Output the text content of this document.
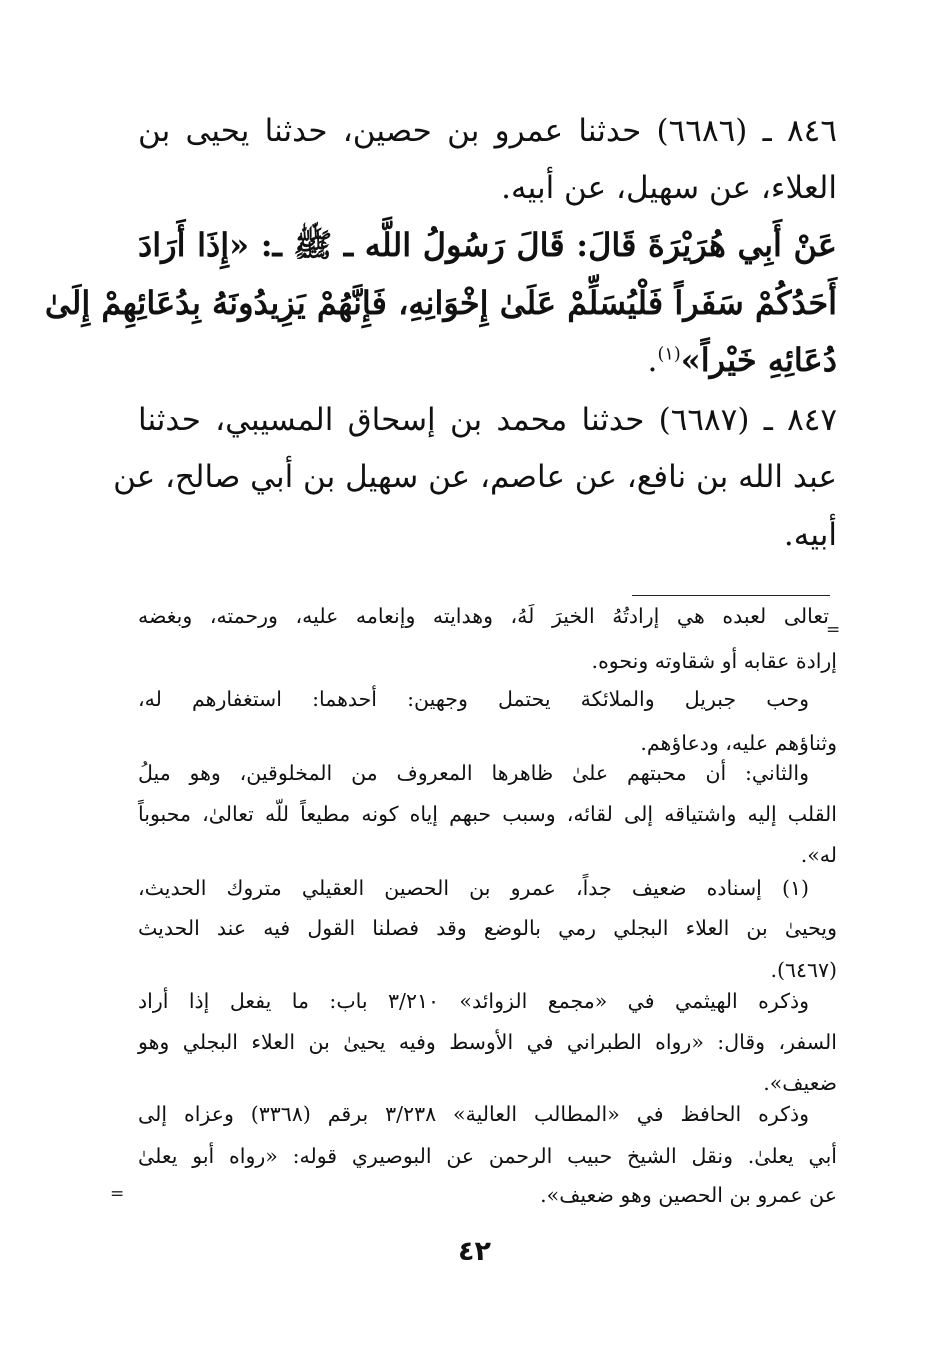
٨٤٦ ـ (٦٦٨٦) حدثنا عمرو بن حصين، حدثنا يحيى بن
العلاء، عن سهيل، عن أبيه.
عَنْ أَبِي هُرَيْرَةَ قَالَ: قَالَ رَسُولُ اللَّه ـ ﷺ ـ: «إِذَا أَرَادَ
أَحَدُكُمْ سَفَراً فَلْيُسَلِّمْ عَلَىٰ إِخْوَانِهِ، فَإِنَّهُمْ يَزِيدُونَهُ بِدُعَائِهِمْ إِلَىٰ
دُعَائِهِ خَيْراً»$^{(١)}$.
٨٤٧ ـ (٦٦٨٧) حدثنا محمد بن إسحاق المسيبي، حدثنا
عبد الله بن نافع، عن عاصم، عن سهيل بن أبي صالح، عن
أبيه.
=
=
تعالى لعبده هي إرادتُهُ الخيرَ لَهُ، وهدايته وإنعامه عليه، ورحمته، وبغضه
إرادة عقابه أو شقاوته ونحوه.
وحب جبريل والملائكة يحتمل وجهين: أحدهما: استغفارهم له،
وثناؤهم عليه، ودعاؤهم.
والثاني: أن محبتهم علىٰ ظاهرها المعروف من المخلوقين، وهو ميلُ
القلب إليه واشتياقه إلى لقائه، وسبب حبهم إياه كونه مطيعاً للّه تعالىٰ، محبوباً
له».
(١) إسناده ضعيف جداً، عمرو بن الحصين العقيلي متروك الحديث،
ويحيىٰ بن العلاء البجلي رمي بالوضع وقد فصلنا القول فيه عند الحديث
(٦٤٦٧).
وذكره الهيثمي في «مجمع الزوائد» ٣/٢١٠ باب: ما يفعل إذا أراد
السفر، وقال: «رواه الطبراني في الأوسط وفيه يحيىٰ بن العلاء البجلي وهو
ضعيف».
وذكره الحافظ في «المطالب العالية» ٣/٢٣٨ برقم (٣٣٦٨) وعزاه إلى
أبي يعلىٰ. ونقل الشيخ حبيب الرحمن عن البوصيري قوله: «رواه أبو يعلىٰ
عن عمرو بن الحصين وهو ضعيف».
٤٢
